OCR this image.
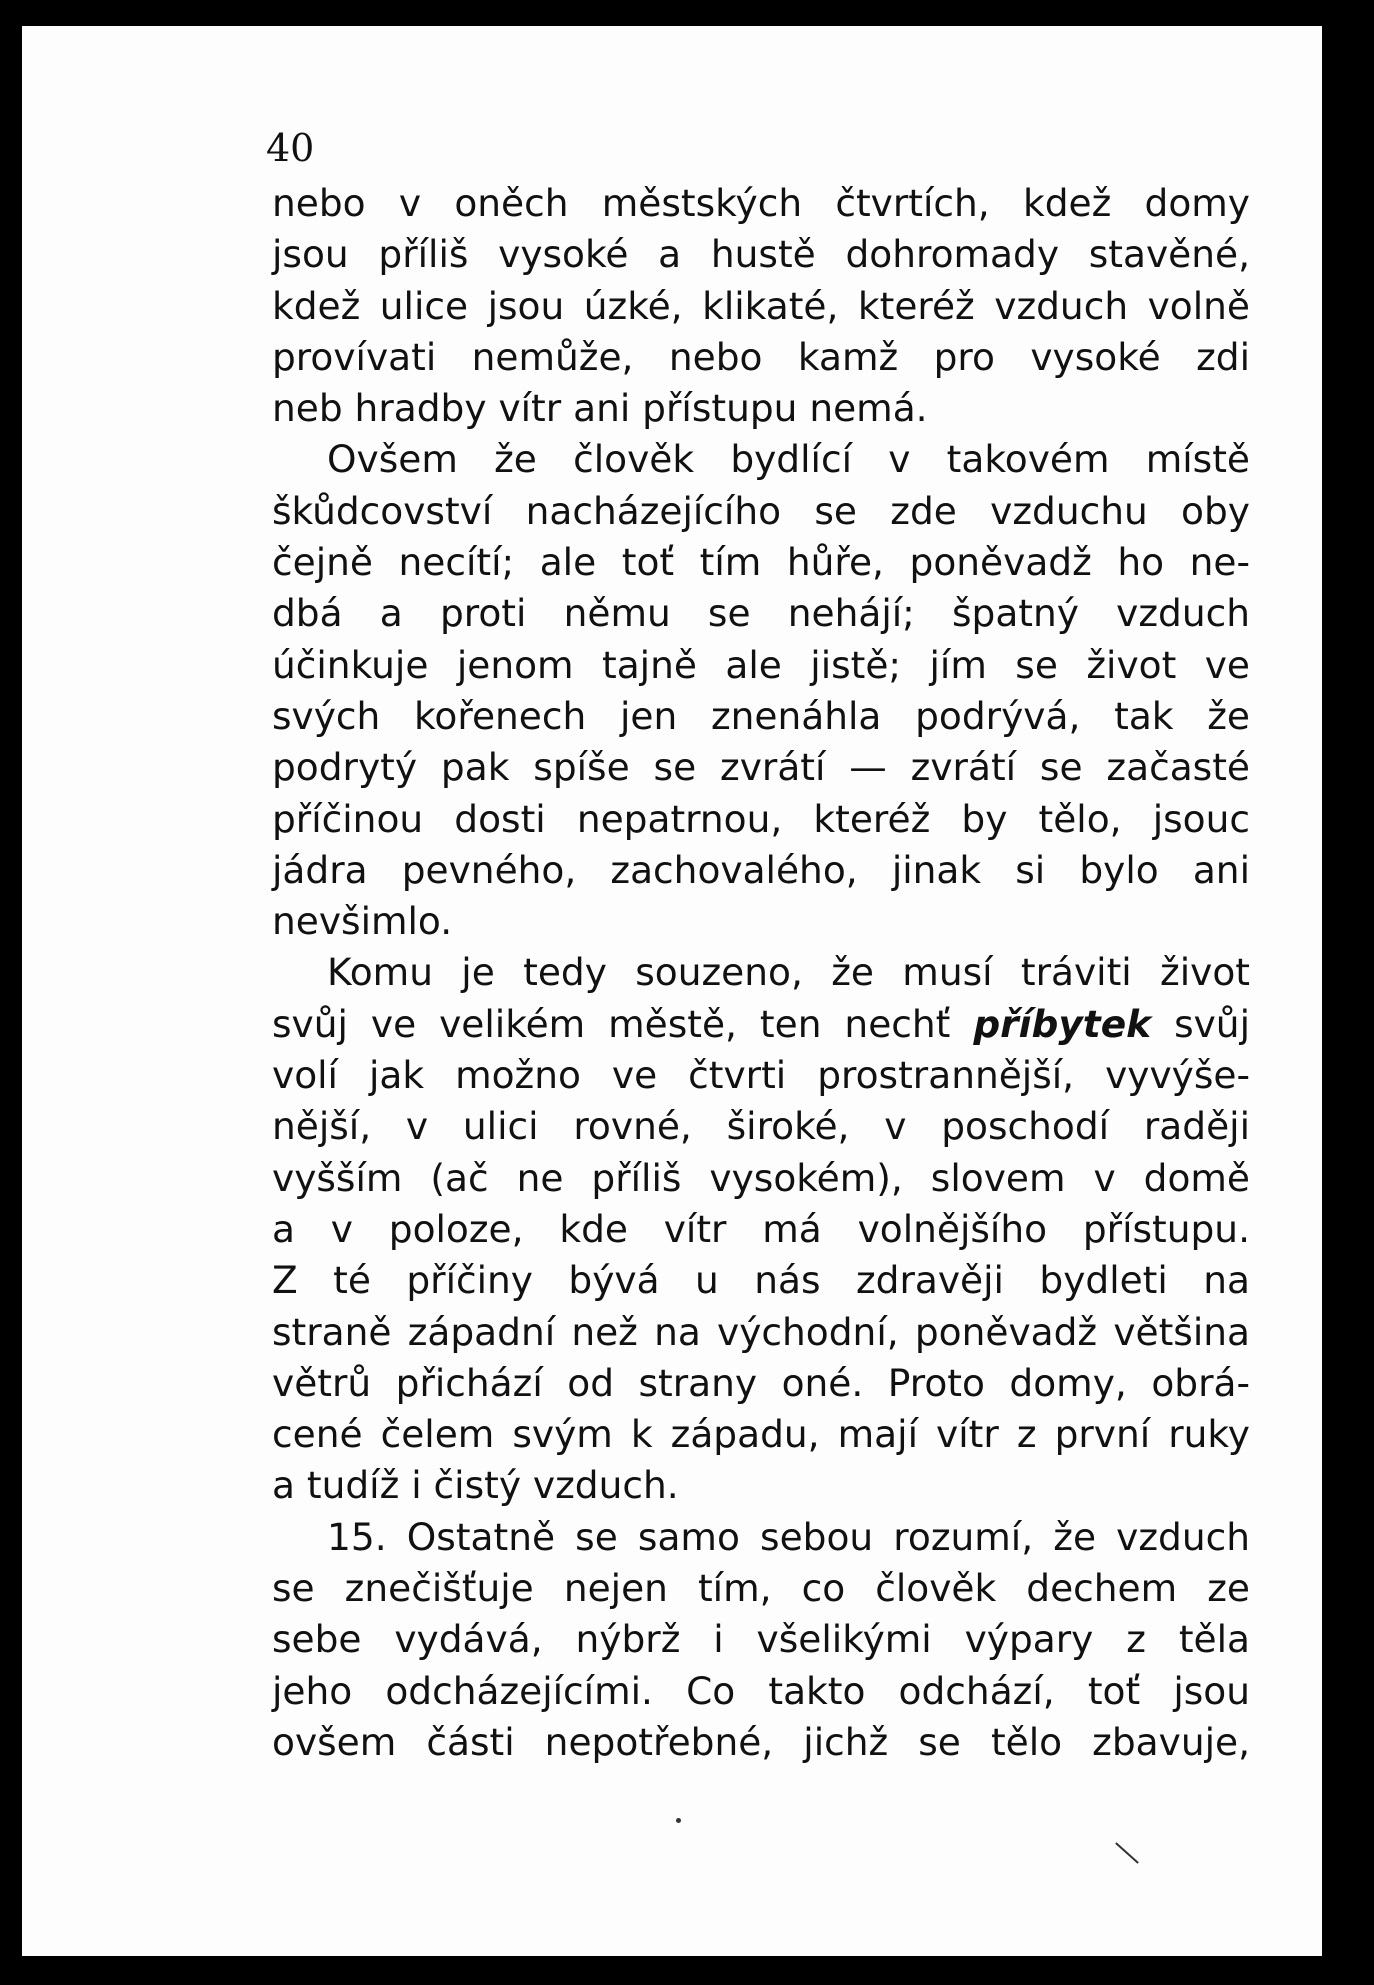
40

nebo v oněch městských čtvrtích, kdež domy
jsou příliš vysoké a hustě dohromady stavěné,
kdež ulice jsou úzké, klikaté, kteréž vzduch volně
provívati nemůže, nebo kamž pro vysoké zdi
neb hradby vítr ani přístupu nemá.
Ovšem že člověk bydlící v takovém místě
škůdcovství nacházejícího se zde vzduchu oby
čejně necítí; ale toť tím hůře, poněvadž ho ne-
dbá a proti němu se nehájí; špatný vzduch
účinkuje jenom tajně ale jistě; jím se život ve
svých kořenech jen znenáhla podrývá, tak že
podrytý pak spíše se zvrátí — zvrátí se začasté
příčinou dosti nepatrnou, kteréž by tělo, jsouc
jádra pevného, zachovalého, jinak si bylo ani
nevšimlo.
Komu je tedy souzeno, že musí tráviti život
svůj ve velikém městě, ten nechť příbytek svůj
volí jak možno ve čtvrti prostrannější, vyvýše-
nější, v ulici rovné, široké, v poschodí raději
vyšším (ač ne příliš vysokém), slovem v domě
a v poloze, kde vítr má volnějšího přístupu.
Z té příčiny bývá u nás zdravěji bydleti na
straně západní než na východní, poněvadž většina
větrů přichází od strany oné. Proto domy, obrá-
cené čelem svým k západu, mají vítr z první ruky
a tudíž i čistý vzduch.
15. Ostatně se samo sebou rozumí, že vzduch
se znečišťuje nejen tím, co člověk dechem ze
sebe vydává, nýbrž i všelikými výpary z těla
jeho odcházejícími. Co takto odchází, toť jsou
ovšem části nepotřebné, jichž se tělo zbavuje,
